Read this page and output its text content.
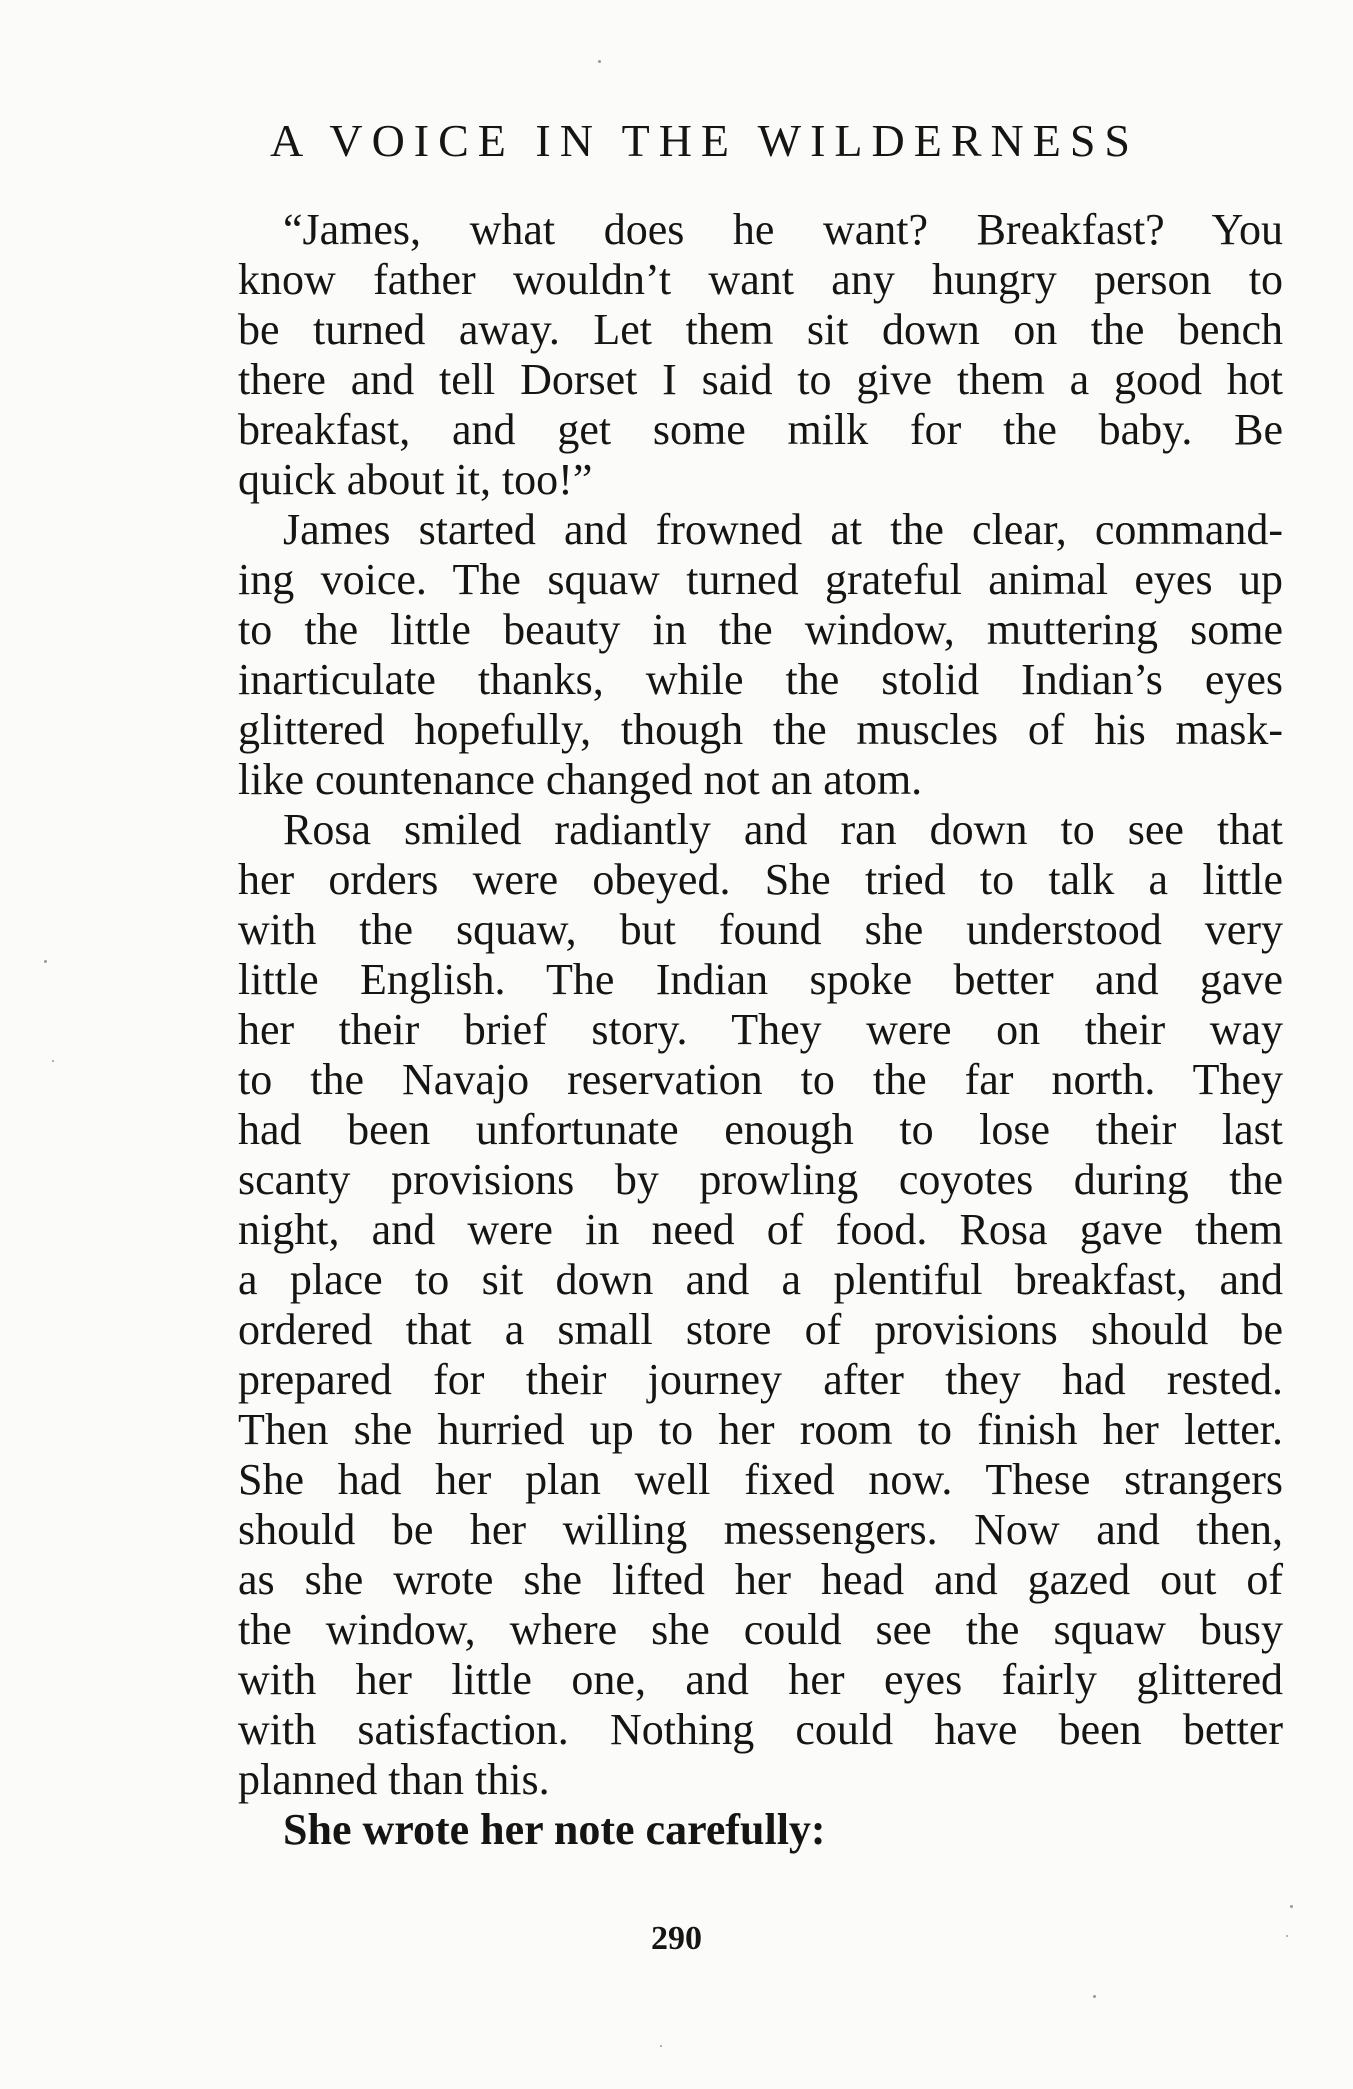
A VOICE IN THE WILDERNESS
“James, what does he want? Breakfast? You
know father wouldn’t want any hungry person to
be turned away. Let them sit down on the bench
there and tell Dorset I said to give them a good hot
breakfast, and get some milk for the baby. Be
quick about it, too!”
James started and frowned at the clear, command-
ing voice. The squaw turned grateful animal eyes up
to the little beauty in the window, muttering some
inarticulate thanks, while the stolid Indian’s eyes
glittered hopefully, though the muscles of his mask-
like countenance changed not an atom.
Rosa smiled radiantly and ran down to see that
her orders were obeyed. She tried to talk a little
with the squaw, but found she understood very
little English. The Indian spoke better and gave
her their brief story. They were on their way
to the Navajo reservation to the far north. They
had been unfortunate enough to lose their last
scanty provisions by prowling coyotes during the
night, and were in need of food. Rosa gave them
a place to sit down and a plentiful breakfast, and
ordered that a small store of provisions should be
prepared for their journey after they had rested.
Then she hurried up to her room to finish her letter.
She had her plan well fixed now. These strangers
should be her willing messengers. Now and then,
as she wrote she lifted her head and gazed out of
the window, where she could see the squaw busy
with her little one, and her eyes fairly glittered
with satisfaction. Nothing could have been better
planned than this.
She wrote her note carefully:
290
